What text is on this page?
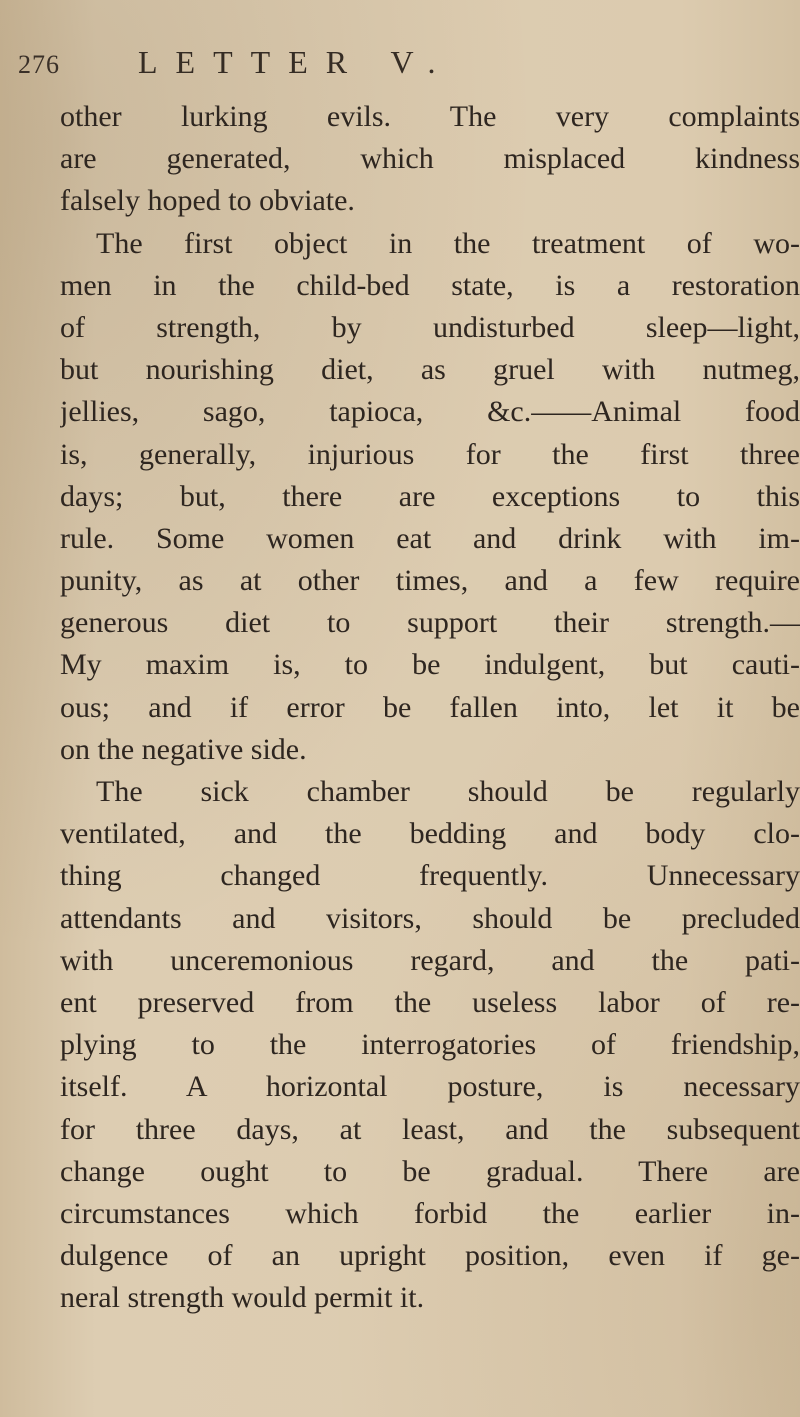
276	LETTER V.
other lurking evils. The very complaints
are generated, which misplaced kindness
falsely hoped to obviate.
The first object in the treatment of wo-
men in the child-bed state, is a restoration
of strength, by undisturbed sleep—light,
but nourishing diet, as gruel with nutmeg,
jellies, sago, tapioca, &c.——Animal food
is, generally, injurious for the first three
days; but, there are exceptions to this
rule. Some women eat and drink with im-
punity, as at other times, and a few require
generous diet to support their strength.—
My maxim is, to be indulgent, but cauti-
ous; and if error be fallen into, let it be
on the negative side.
The sick chamber should be regularly
ventilated, and the bedding and body clo-
thing changed frequently. Unnecessary
attendants and visitors, should be precluded
with unceremonious regard, and the pati-
ent preserved from the useless labor of re-
plying to the interrogatories of friendship,
itself. A horizontal posture, is necessary
for three days, at least, and the subsequent
change ought to be gradual. There are
circumstances which forbid the earlier in-
dulgence of an upright position, even if ge-
neral strength would permit it.
